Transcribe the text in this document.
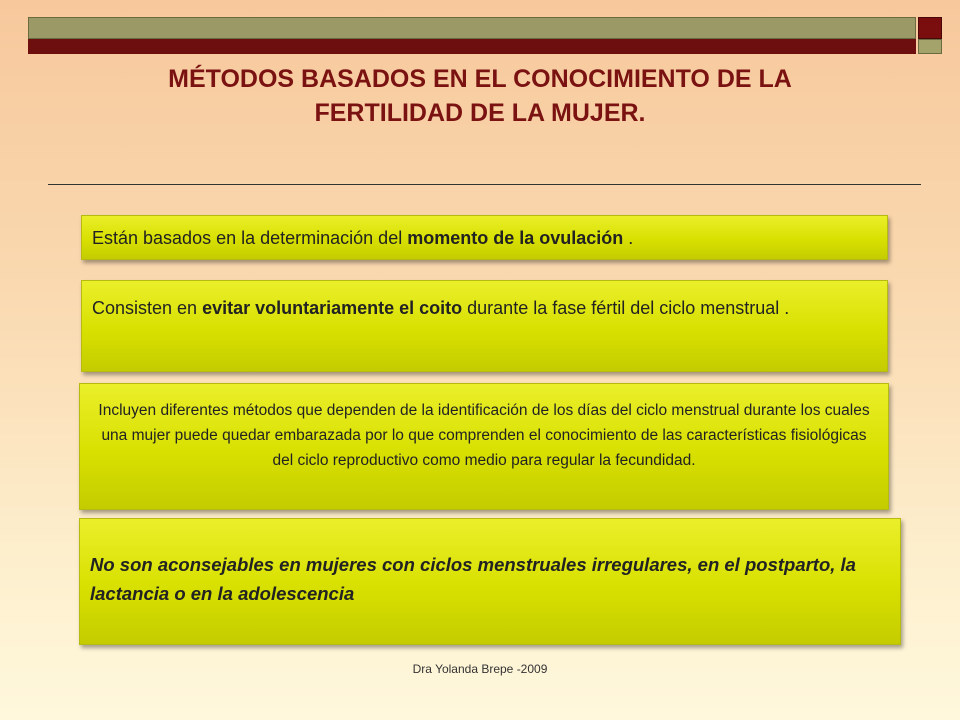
MÉTODOS BASADOS EN EL CONOCIMIENTO DE LA
FERTILIDAD DE LA MUJER.
Están basados en la determinación del momento de la ovulación .
Consisten en evitar voluntariamente el coito durante la fase fértil del ciclo menstrual .
Incluyen diferentes métodos que dependen de la identificación de los días del ciclo menstrual durante los cuales una mujer puede quedar embarazada por lo que comprenden el conocimiento de las características fisiológicas del ciclo reproductivo como medio para regular la fecundidad.
No son aconsejables en mujeres con ciclos menstruales irregulares, en el postparto, la lactancia o en la adolescencia
Dra Yolanda Brepe -2009
